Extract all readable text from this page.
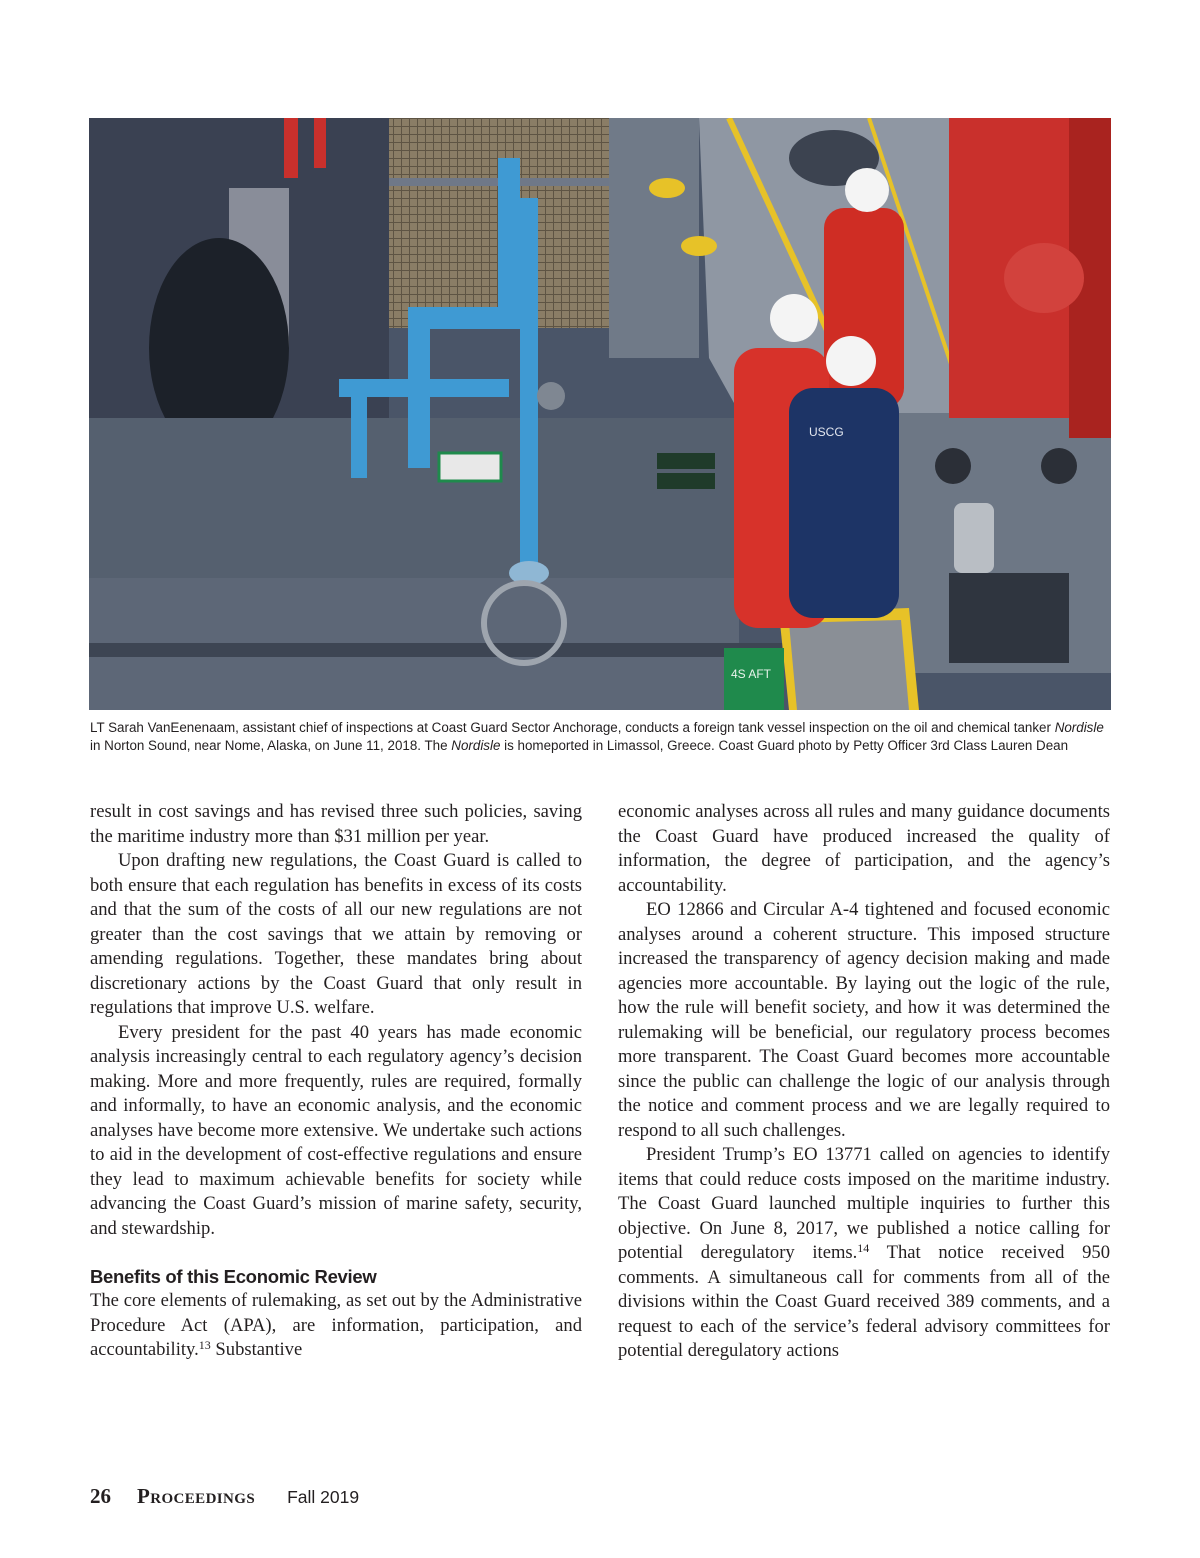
4S AFT
USCG
LT Sarah VanEenenaam, assistant chief of inspections at Coast Guard Sector Anchorage, conducts a foreign tank vessel inspection on the oil and chemical tanker Nordisle in Norton Sound, near Nome, Alaska, on June 11, 2018. The Nordisle is homeported in Limassol, Greece. Coast Guard photo by Petty Officer 3rd Class Lauren Dean

result in cost savings and has revised three such policies, saving the maritime industry more than $31 million per year.

Upon drafting new regulations, the Coast Guard is called to both ensure that each regulation has benefits in excess of its costs and that the sum of the costs of all our new regulations are not greater than the cost savings that we attain by removing or amending regulations. Together, these mandates bring about discretionary actions by the Coast Guard that only result in regulations that improve U.S. welfare.

Every president for the past 40 years has made economic analysis increasingly central to each regulatory agency’s decision making. More and more frequently, rules are required, formally and informally, to have an economic analysis, and the economic analyses have become more extensive. We undertake such actions to aid in the development of cost-effective regulations and ensure they lead to maximum achievable benefits for society while advancing the Coast Guard’s mission of marine safety, security, and stewardship.

Benefits of this Economic Review

The core elements of rulemaking, as set out by the Administrative Procedure Act (APA), are information, participation, and accountability.$^{13}$ Substantive

economic analyses across all rules and many guidance documents the Coast Guard have produced increased the quality of information, the degree of participation, and the agency’s accountability.

EO 12866 and Circular A-4 tightened and focused economic analyses around a coherent structure. This imposed structure increased the transparency of agency decision making and made agencies more accountable. By laying out the logic of the rule, how the rule will benefit society, and how it was determined the rulemaking will be beneficial, our regulatory process becomes more transparent. The Coast Guard becomes more accountable since the public can challenge the logic of our analysis through the notice and comment process and we are legally required to respond to all such challenges.

President Trump’s EO 13771 called on agencies to identify items that could reduce costs imposed on the maritime industry. The Coast Guard launched multiple inquiries to further this objective. On June 8, 2017, we published a notice calling for potential deregulatory items.$^{14}$ That notice received 950 comments. A simultaneous call for comments from all of the divisions within the Coast Guard received 389 comments, and a request to each of the service’s federal advisory committees for potential deregulatory actions

26 Proceedings Fall 2019
